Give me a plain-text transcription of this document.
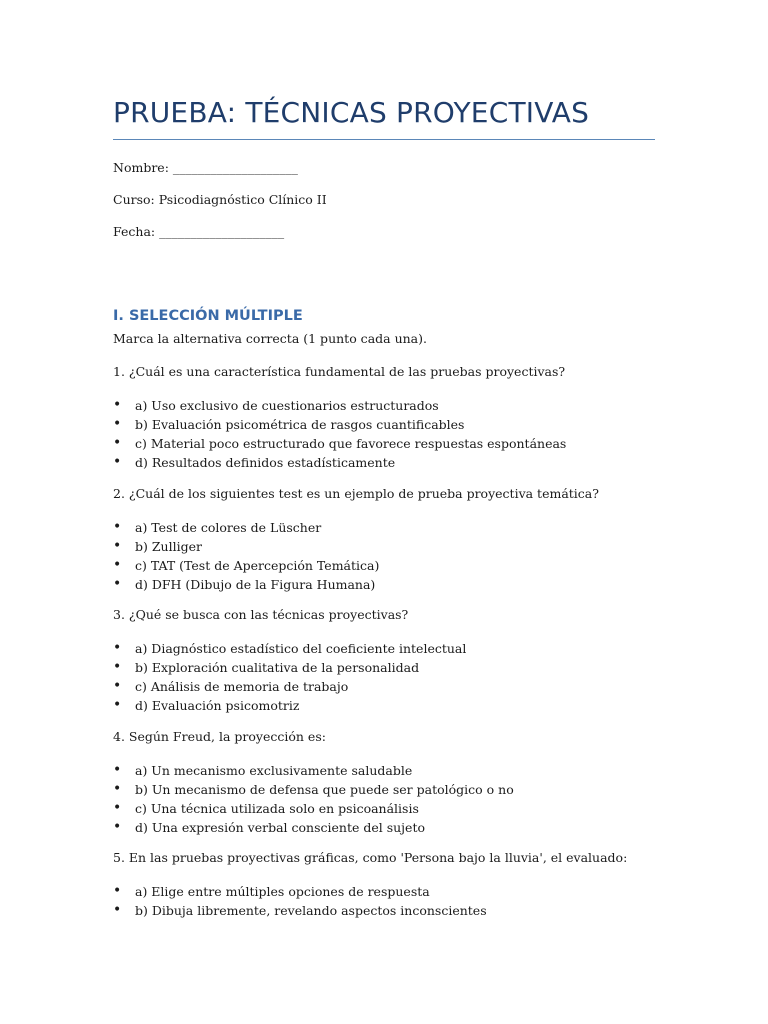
PRUEBA: TÉCNICAS PROYECTIVAS

Nombre: ____________________

Curso: Psicodiagnóstico Clínico II

Fecha: ____________________

I. SELECCIÓN MÚLTIPLE

Marca la alternativa correcta (1 punto cada una).

1. ¿Cuál es una característica fundamental de las pruebas proyectivas?

• a) Uso exclusivo de cuestionarios estructurados
• b) Evaluación psicométrica de rasgos cuantificables
• c) Material poco estructurado que favorece respuestas espontáneas
• d) Resultados definidos estadísticamente

2. ¿Cuál de los siguientes test es un ejemplo de prueba proyectiva temática?

• a) Test de colores de Lüscher
• b) Zulliger
• c) TAT (Test de Apercepción Temática)
• d) DFH (Dibujo de la Figura Humana)

3. ¿Qué se busca con las técnicas proyectivas?

• a) Diagnóstico estadístico del coeficiente intelectual
• b) Exploración cualitativa de la personalidad
• c) Análisis de memoria de trabajo
• d) Evaluación psicomotriz

4. Según Freud, la proyección es:

• a) Un mecanismo exclusivamente saludable
• b) Un mecanismo de defensa que puede ser patológico o no
• c) Una técnica utilizada solo en psicoanálisis
• d) Una expresión verbal consciente del sujeto

5. En las pruebas proyectivas gráficas, como 'Persona bajo la lluvia', el evaluado:

• a) Elige entre múltiples opciones de respuesta
• b) Dibuja libremente, revelando aspectos inconscientes
